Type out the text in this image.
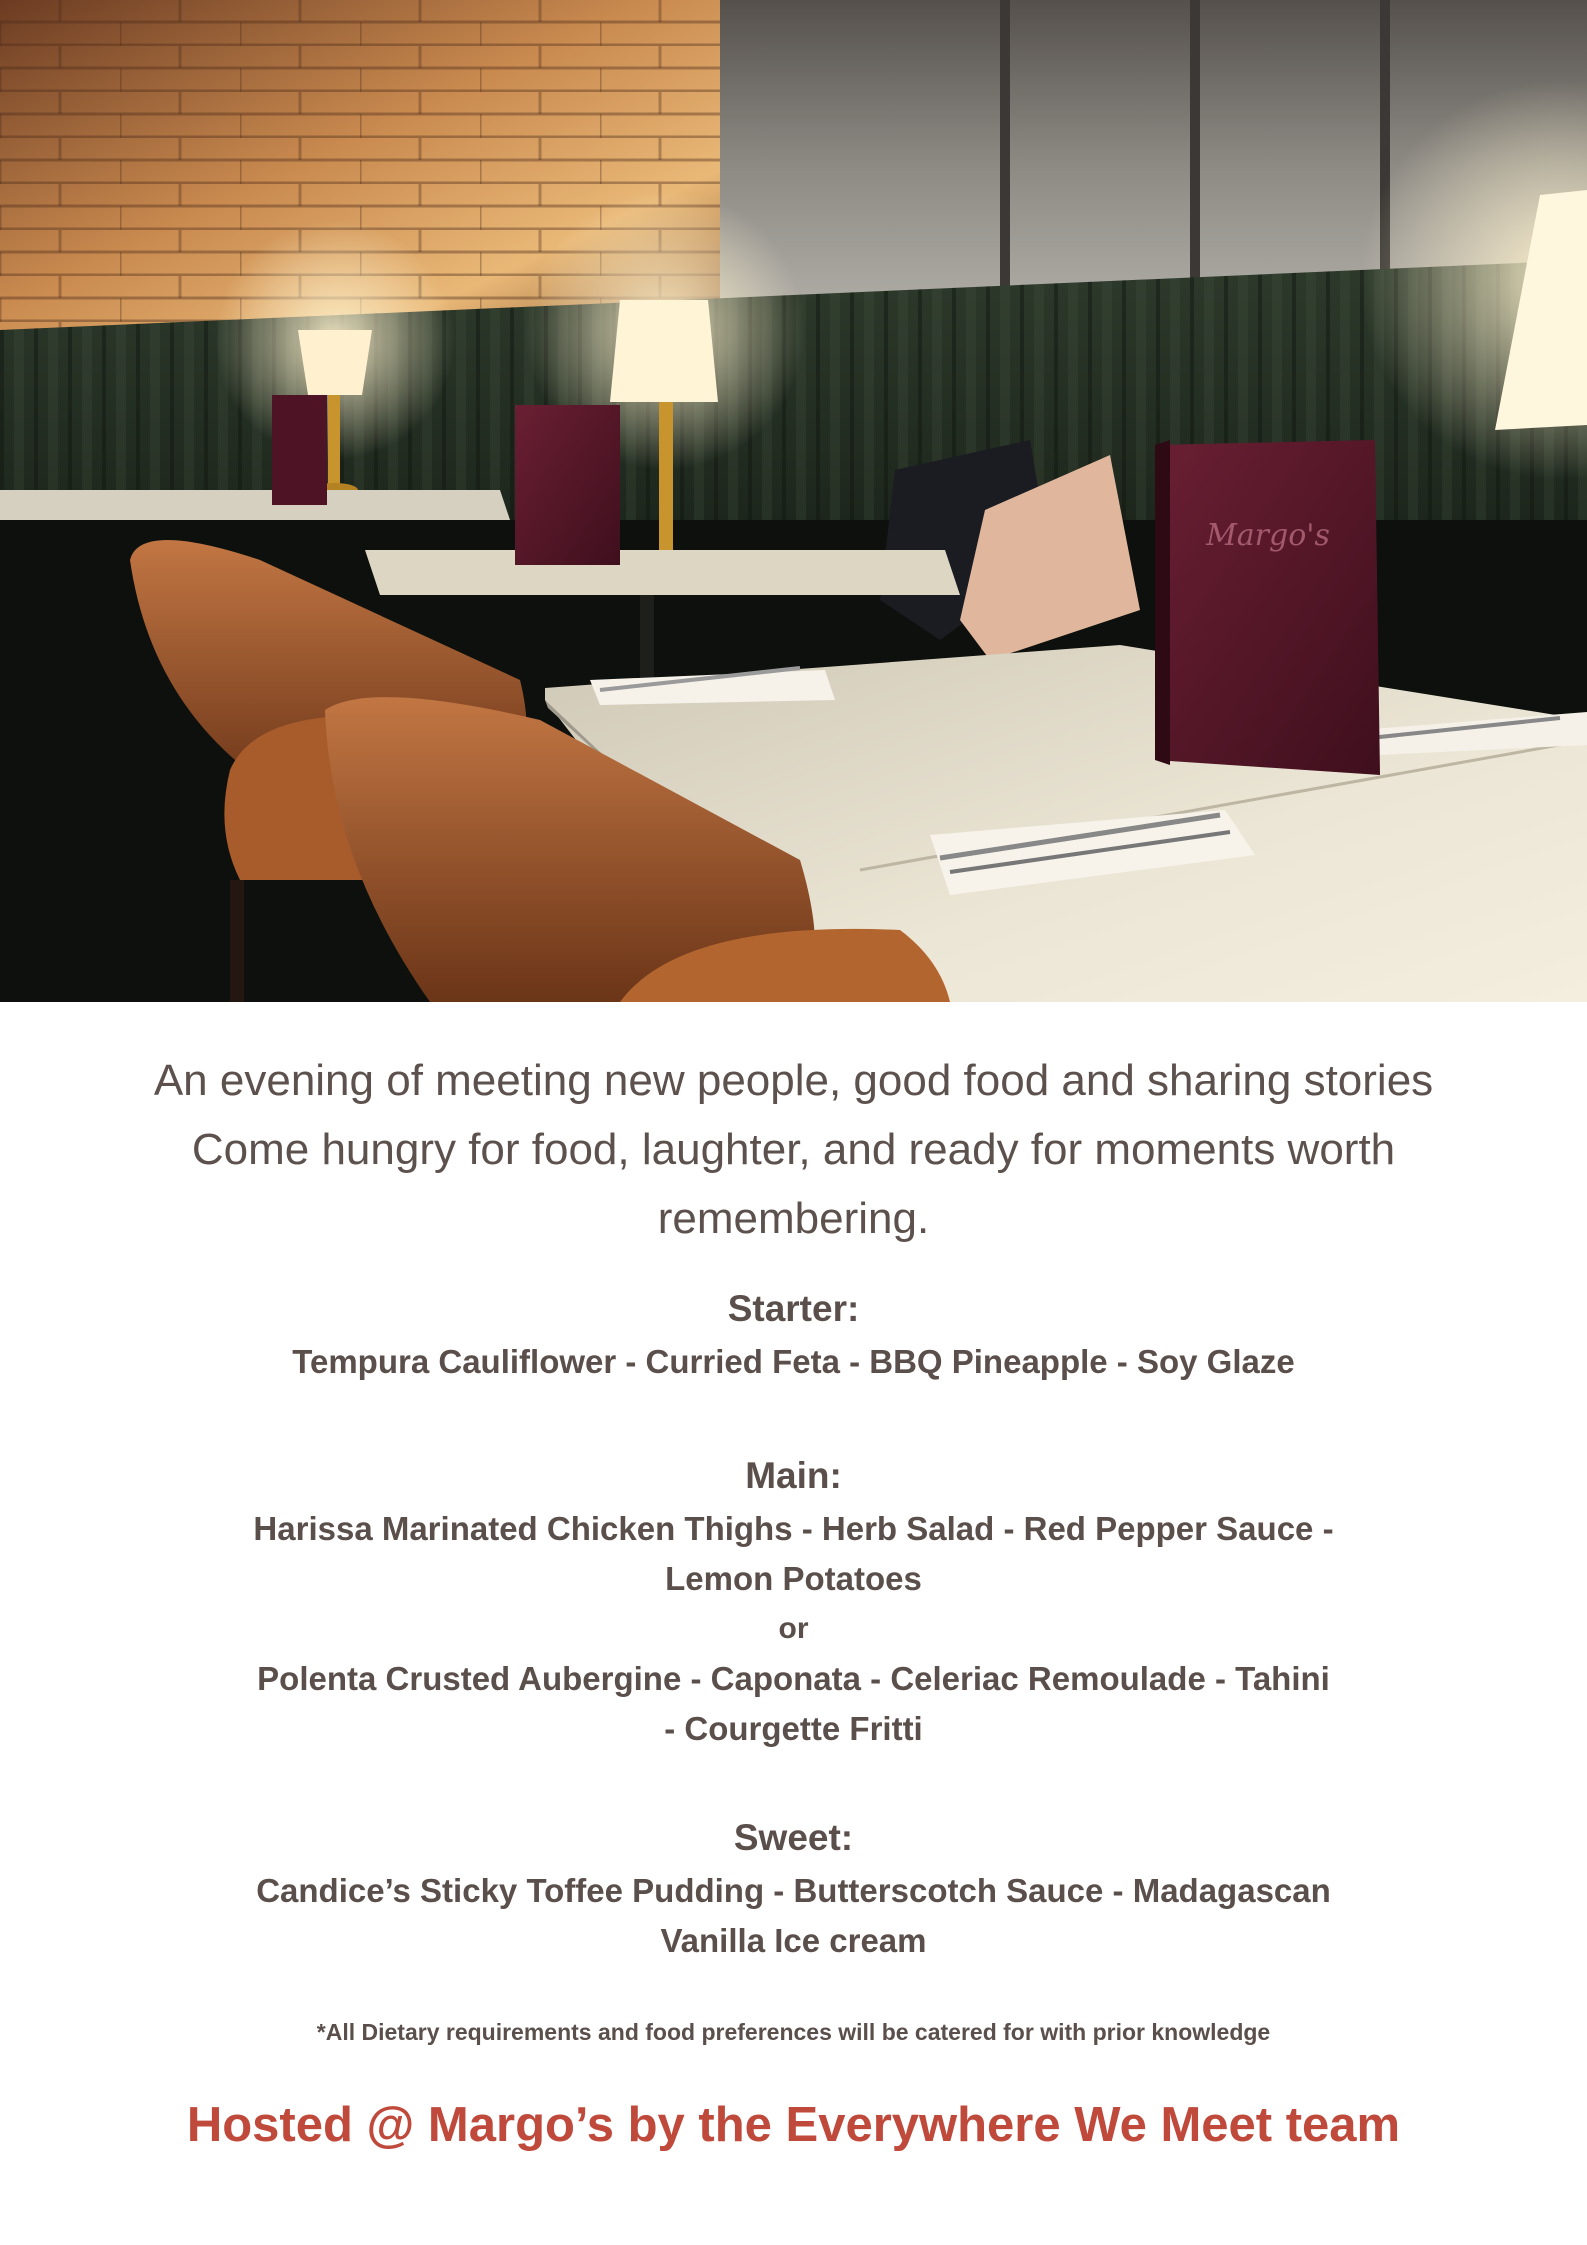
Margo's
An evening of meeting new people, good food and sharing stories
Come hungry for food, laughter, and ready for moments worth
remembering.
Starter:
Tempura Cauliflower - Curried Feta - BBQ Pineapple - Soy Glaze
Main:
Harissa Marinated Chicken Thighs - Herb Salad - Red Pepper Sauce -
Lemon Potatoes
or
Polenta Crusted Aubergine - Caponata - Celeriac Remoulade - Tahini
- Courgette Fritti
Sweet:
Candice’s Sticky Toffee Pudding - Butterscotch Sauce - Madagascan
Vanilla Ice cream
*All Dietary requirements and food preferences will be catered for with prior knowledge
Hosted @ Margo’s by the Everywhere We Meet team
